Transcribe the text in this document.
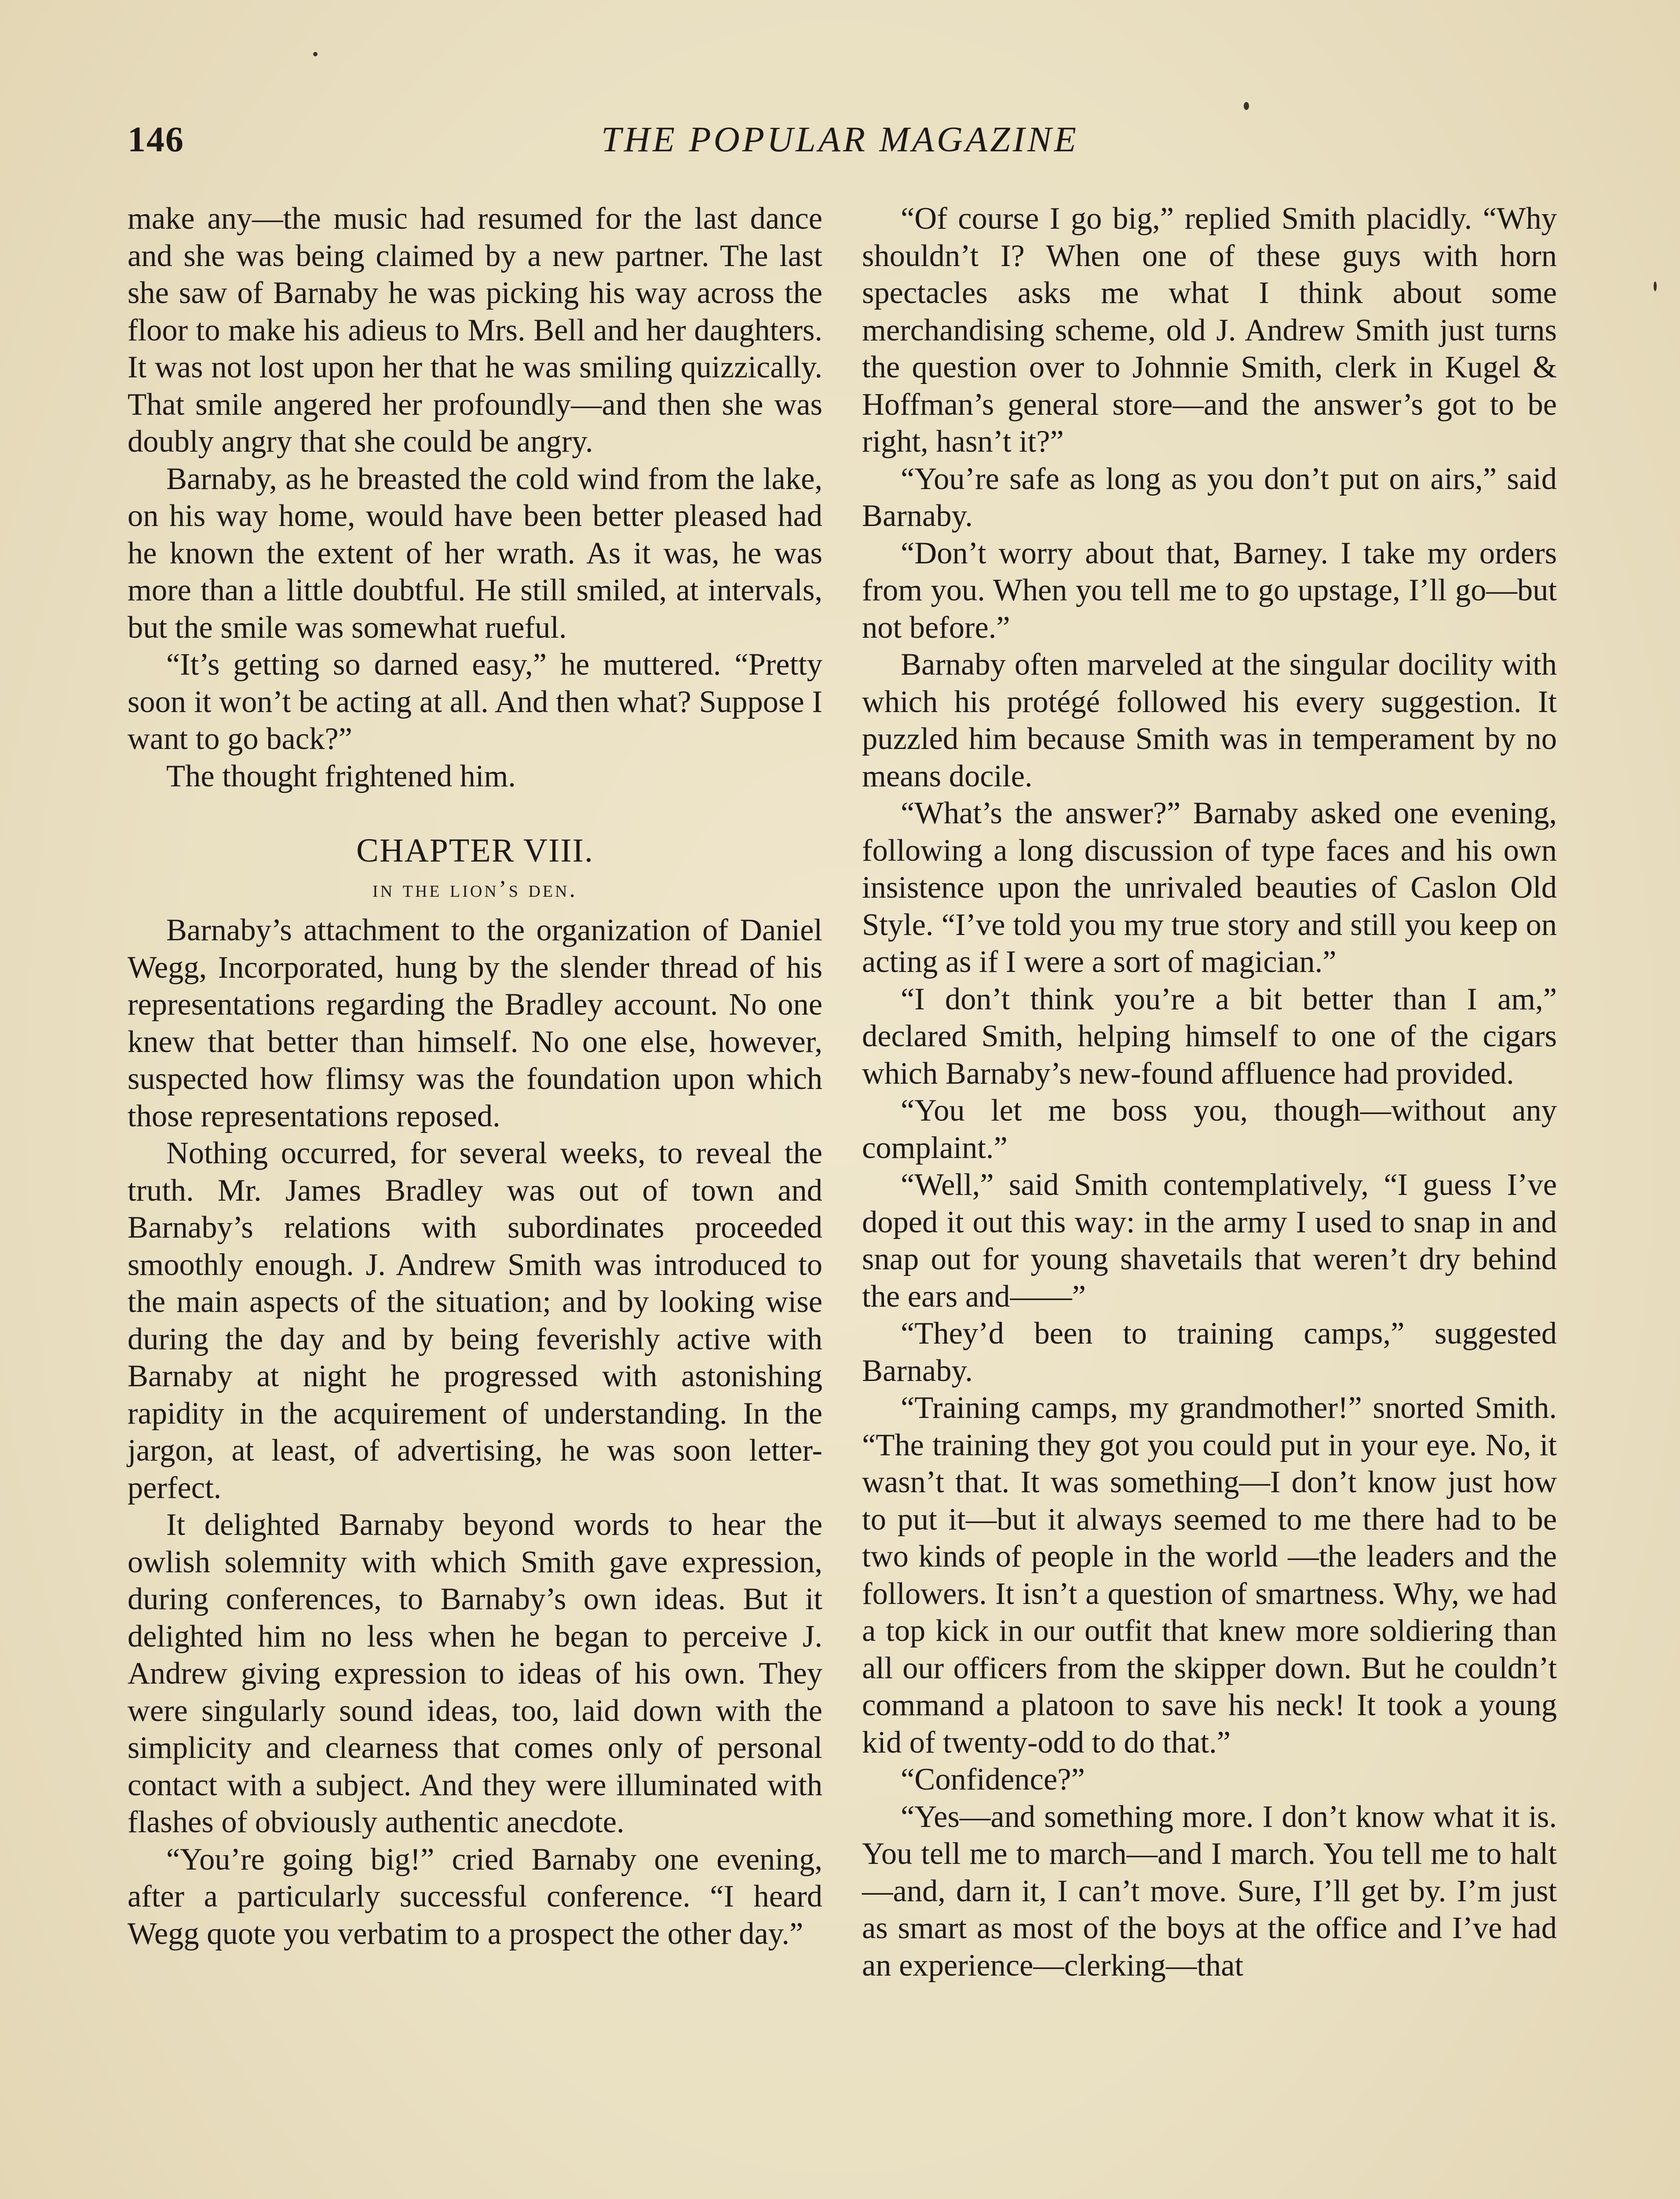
146	THE POPULAR MAGAZINE

make any—the music had resumed for the last dance and she was being claimed by a new partner. The last she saw of Barnaby he was picking his way across the floor to make his adieus to Mrs. Bell and her daughters. It was not lost upon her that he was smiling quizzically. That smile angered her profoundly—and then she was doubly angry that she could be angry.

Barnaby, as he breasted the cold wind from the lake, on his way home, would have been better pleased had he known the extent of her wrath. As it was, he was more than a little doubtful. He still smiled, at intervals, but the smile was somewhat rueful.

“It’s getting so darned easy,” he muttered. “Pretty soon it won’t be acting at all. And then what? Suppose I want to go back?”

The thought frightened him.

CHAPTER VIII.
in the lion’s den.

Barnaby’s attachment to the organization of Daniel Wegg, Incorporated, hung by the slender thread of his representations regarding the Bradley account. No one knew that better than himself. No one else, however, suspected how flimsy was the foundation upon which those representations reposed.

Nothing occurred, for several weeks, to reveal the truth. Mr. James Bradley was out of town and Barnaby’s relations with subordinates proceeded smoothly enough. J. Andrew Smith was introduced to the main aspects of the situation; and by looking wise during the day and by being feverishly active with Barnaby at night he progressed with astonishing rapidity in the acquirement of understanding. In the jargon, at least, of advertising, he was soon letter-perfect.

It delighted Barnaby beyond words to hear the owlish solemnity with which Smith gave expression, during conferences, to Barnaby’s own ideas. But it delighted him no less when he began to perceive J. Andrew giving expression to ideas of his own. They were singularly sound ideas, too, laid down with the simplicity and clearness that comes only of personal contact with a subject. And they were illuminated with flashes of obviously authentic anecdote.

“You’re going big!” cried Barnaby one evening, after a particularly successful conference. “I heard Wegg quote you verbatim to a prospect the other day.”

“Of course I go big,” replied Smith placidly. “Why shouldn’t I? When one of these guys with horn spectacles asks me what I think about some merchandising scheme, old J. Andrew Smith just turns the question over to Johnnie Smith, clerk in Kugel & Hoffman’s general store—and the answer’s got to be right, hasn’t it?”

“You’re safe as long as you don’t put on airs,” said Barnaby.

“Don’t worry about that, Barney. I take my orders from you. When you tell me to go upstage, I’ll go—but not before.”

Barnaby often marveled at the singular docility with which his protégé followed his every suggestion. It puzzled him because Smith was in temperament by no means docile.

“What’s the answer?” Barnaby asked one evening, following a long discussion of type faces and his own insistence upon the unrivaled beauties of Caslon Old Style. “I’ve told you my true story and still you keep on acting as if I were a sort of magician.”

“I don’t think you’re a bit better than I am,” declared Smith, helping himself to one of the cigars which Barnaby’s new-found affluence had provided.

“You let me boss you, though—without any complaint.”

“Well,” said Smith contemplatively, “I guess I’ve doped it out this way: in the army I used to snap in and snap out for young shavetails that weren’t dry behind the ears and——”

“They’d been to training camps,” suggested Barnaby.

“Training camps, my grandmother!” snorted Smith. “The training they got you could put in your eye. No, it wasn’t that. It was something—I don’t know just how to put it—but it always seemed to me there had to be two kinds of people in the world —the leaders and the followers. It isn’t a question of smartness. Why, we had a top kick in our outfit that knew more soldiering than all our officers from the skipper down. But he couldn’t command a platoon to save his neck! It took a young kid of twenty-odd to do that.”

“Confidence?”

“Yes—and something more. I don’t know what it is. You tell me to march—and I march. You tell me to halt—and, darn it, I can’t move. Sure, I’ll get by. I’m just as smart as most of the boys at the office and I’ve had an experience—clerking—that
